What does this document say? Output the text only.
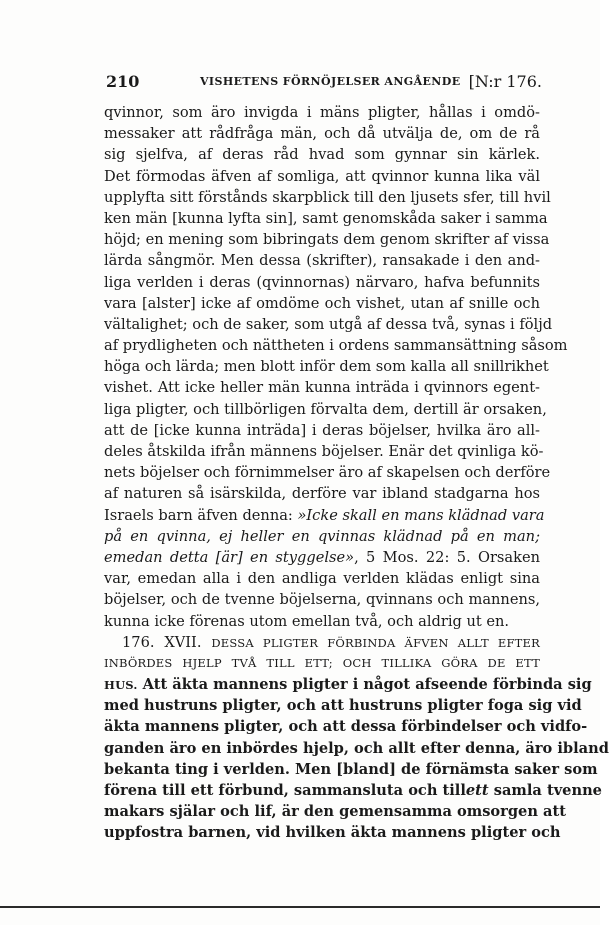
210	VISHETENS FÖRNÖJELSER ANGÅENDE [N:r 176.
qvinnor, som äro invigda i mäns pligter, hållas i omdö-
messaker att rådfråga män, och då utvälja de, om de rå
sig sjelfva, af deras råd hvad som gynnar sin kärlek.
Det förmodas äfven af somliga, att qvinnor kunna lika väl
upplyfta sitt förstånds skarpblick till den ljusets sfer, till hvil
ken män [kunna lyfta sin], samt genomskåda saker i samma
höjd; en mening som bibringats dem genom skrifter af vissa
lärda sångmör. Men dessa (skrifter), ransakade i den and-
liga verlden i deras (qvinnornas) närvaro, hafva befunnits
vara [alster] icke af omdöme och vishet, utan af snille och
vältalighet; och de saker, som utgå af dessa två, synas i följd
af prydligheten och nättheten i ordens sammansättning såsom
höga och lärda; men blott inför dem som kalla all snillrikhet
vishet. Att icke heller män kunna inträda i qvinnors egent-
liga pligter, och tillbörligen förvalta dem, dertill är orsaken,
att de [icke kunna inträda] i deras böjelser, hvilka äro all-
deles åtskilda ifrån männens böjelser. Enär det qvinliga kö-
nets böjelser och förnimmelser äro af skapelsen och derföre
af naturen så isärskilda, derföre var ibland stadgarna hos
Israels barn äfven denna: »Icke skall en mans klädnad vara
på en qvinna, ej heller en qvinnas klädnad på en man;
emedan detta [är] en styggelse», 5 Mos. 22: 5. Orsaken
var, emedan alla i den andliga verlden klädas enligt sina
böjelser, och de tvenne böjelserna, qvinnans och mannens,
kunna icke förenas utom emellan två, och aldrig ut en.
176. XVII. DESSA PLIGTER FÖRBINDA ÄFVEN ALLT EFTER
INBÖRDES HJELP TVÅ TILL ETT; OCH TILLIKA GÖRA DE ETT
HUS. Att äkta mannens pligter i något afseende förbinda sig
med hustruns pligter, och att hustruns pligter foga sig vid
äkta mannens pligter, och att dessa förbindelser och vidfo-
ganden äro en inbördes hjelp, och allt efter denna, äro ibland
bekanta ting i verlden. Men [bland] de förnämsta saker som
förena till ett förbund, sammansluta och tillett samla tvenne
makars själar och lif, är den gemensamma omsorgen att
uppfostra barnen, vid hvilken äkta mannens pligter och
